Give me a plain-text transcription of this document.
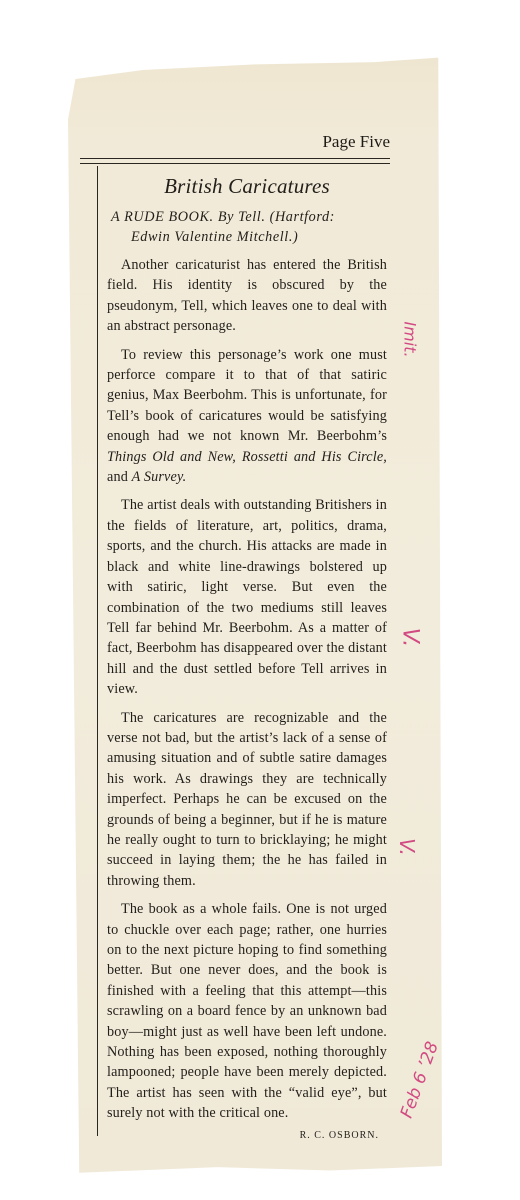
Page Five
British Caricatures
A RUDE BOOK. By Tell. (Hartford:
Edwin Valentine Mitchell.)

Another caricaturist has entered the British field. His identity is obscured by the pseudonym, Tell, which leaves one to deal with an abstract personage.

To review this personage’s work one must perforce compare it to that of that satiric genius, Max Beerbohm. This is unfortunate, for Tell’s book of caricatures would be satisfying enough had we not known Mr. Beerbohm’s Things Old and New, Rossetti and His Circle, and A Survey.

The artist deals with outstanding Britishers in the fields of literature, art, politics, drama, sports, and the church. His attacks are made in black and white line-drawings bolstered up with satiric, light verse. But even the combination of the two mediums still leaves Tell far behind Mr. Beerbohm. As a matter of fact, Beerbohm has disappeared over the distant hill and the dust settled before Tell arrives in view.

The caricatures are recognizable and the verse not bad, but the artist’s lack of a sense of amusing situation and of subtle satire damages his work. As drawings they are technically imperfect. Perhaps he can be excused on the grounds of being a beginner, but if he is mature he really ought to turn to bricklaying; he might succeed in laying them; the he has failed in throwing them.

The book as a whole fails. One is not urged to chuckle over each page; rather, one hurries on to the next picture hoping to find something better. But one never does, and the book is finished with a feeling that this attempt—this scrawling on a board fence by an unknown bad boy—might just as well have been left undone. Nothing has been exposed, nothing thoroughly lampooned; people have been merely depicted. The artist has seen with the “valid eye”, but surely not with the critical one.

R. C. OSBORN.
Imit.
V.
V.
Feb 6 ’28
